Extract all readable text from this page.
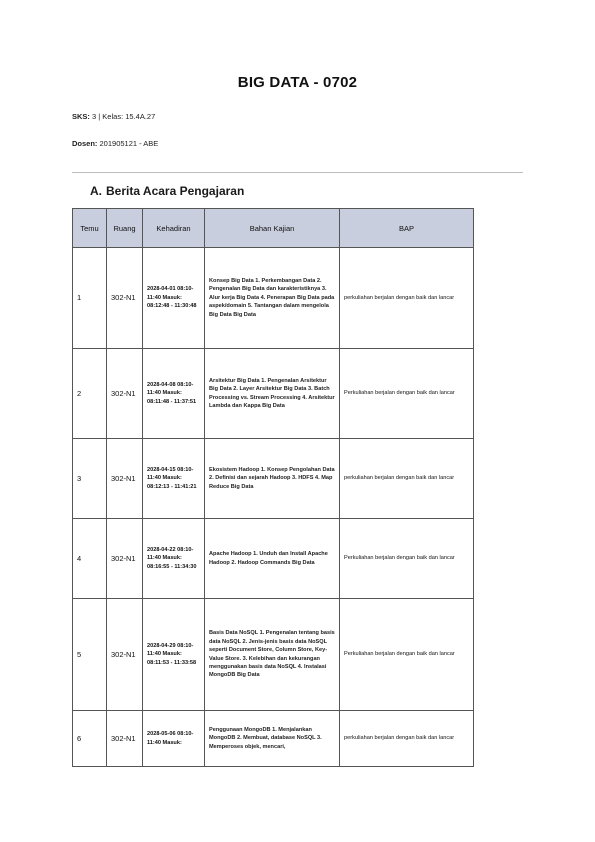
BIG DATA - 0702
SKS: 3 | Kelas: 15.4A.27
Dosen: 201905121 - ABE
A. Berita Acara Pengajaran
Temu	Ruang	Kehadiran	Bahan Kajian	BAP
1	302-N1	2028-04-01 08:10-11:40 Masuk: 08:12:48 - 11:30:48	Konsep Big Data 1. Perkembangan Data 2. Pengenalan Big Data dan karakteristiknya 3. Alur kerja Big Data 4. Penerapan Big Data pada aspek/domain 5. Tantangan dalam mengelola Big Data Big Data	perkuliahan berjalan dengan baik dan lancar
2	302-N1	2028-04-08 08:10-11:40 Masuk: 08:11:48 - 11:37:51	Arsitektur Big Data 1. Pengenalan Arsitektur Big Data 2. Layer Arsitektur Big Data 3. Batch Processing vs. Stream Processing 4. Arsitektur Lambda dan Kappa Big Data	Perkuliahan berjalan dengan baik dan lancar
3	302-N1	2028-04-15 08:10-11:40 Masuk: 08:12:13 - 11:41:21	Ekosistem Hadoop 1. Konsep Pengolahan Data 2. Definisi dan sejarah Hadoop 3. HDFS 4. Map Reduce Big Data	perkuliahan berjalan dengan baik dan lancar
4	302-N1	2028-04-22 08:10-11:40 Masuk: 08:16:55 - 11:34:30	Apache Hadoop 1. Unduh dan Install Apache Hadoop 2. Hadoop Commands Big Data	Perkuliahan berjalan dengan baik dan lancar
5	302-N1	2028-04-29 08:10-11:40 Masuk: 08:11:53 - 11:33:58	Basis Data NoSQL 1. Pengenalan tentang basis data NoSQL 2. Jenis-jenis basis data NoSQL seperti Document Store, Column Store, Key-Value Store. 3. Kelebihan dan kekurangan menggunakan basis data NoSQL 4. Instalasi MongoDB Big Data	Perkuliahan berjalan dengan baik dan lancar
6	302-N1	2028-05-06 08:10-11:40 Masuk:	Penggunaan MongoDB 1. Menjalankan MongoDB 2. Membuat, database NoSQL 3. Memperoses objek, mencari,	perkuliahan berjalan dengan baik dan lancar
